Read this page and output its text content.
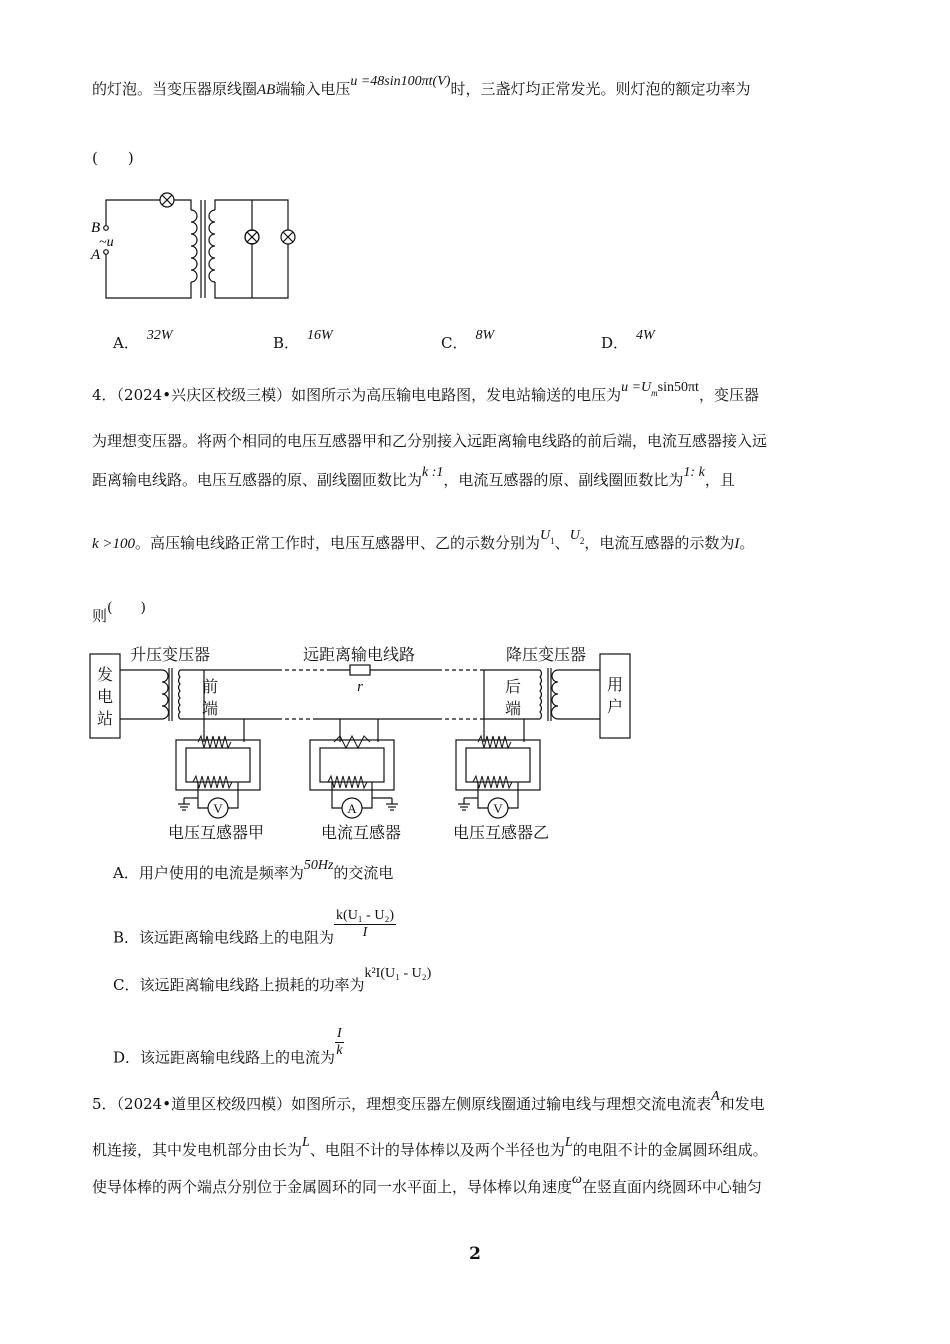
的灯泡。当变压器原线圈AB端输入电压u =48sin100πt(V)时，三盏灯均正常发光。则灯泡的额定功率为
(　　)
B
~u
A
A． 32W	B． 16W	C． 8W	D． 4W
4．（2024•兴庆区校级三模）如图所示为高压输电电路图，发电站输送的电压为$u =U^m\sin 50\pi t$，变压器
为理想变压器。将两个相同的电压互感器甲和乙分别接入远距离输电线路的前后端，电流互感器接入远
距离输电线路。电压互感器的原、副线圈匝数比为k :1，电流互感器的原、副线圈匝数比为1: k，且
k >100。高压输电线路正常工作时，电压互感器甲、乙的示数分别为$U^1$、$U^2$，电流互感器的示数为I。
则(　　)
升压变压器	远距离输电线路	降压变压器
发
电
站
用
户
前
端
后
端
电压互感器甲	电流互感器	电压互感器乙
V	A	V
r
A．用户使用的电流是频率为50Hz的交流电
B．该远距离输电线路上的电阻为 $\frac{\text{k(U₁ - U₂)}}{I}$
C．该远距离输电线路上损耗的功率为k²I(U₁ - U₂)
D．该远距离输电线路上的电流为 $\frac{I}{k}$
5．（2024•道里区校级四模）如图所示，理想变压器左侧原线圈通过输电线与理想交流电流表A和发电
机连接，其中发电机部分由长为L、电阻不计的导体棒以及两个半径也为L的电阻不计的金属圆环组成。
使导体棒的两个端点分别位于金属圆环的同一水平面上，导体棒以角速度ω在竖直面内绕圆环中心轴匀
2
